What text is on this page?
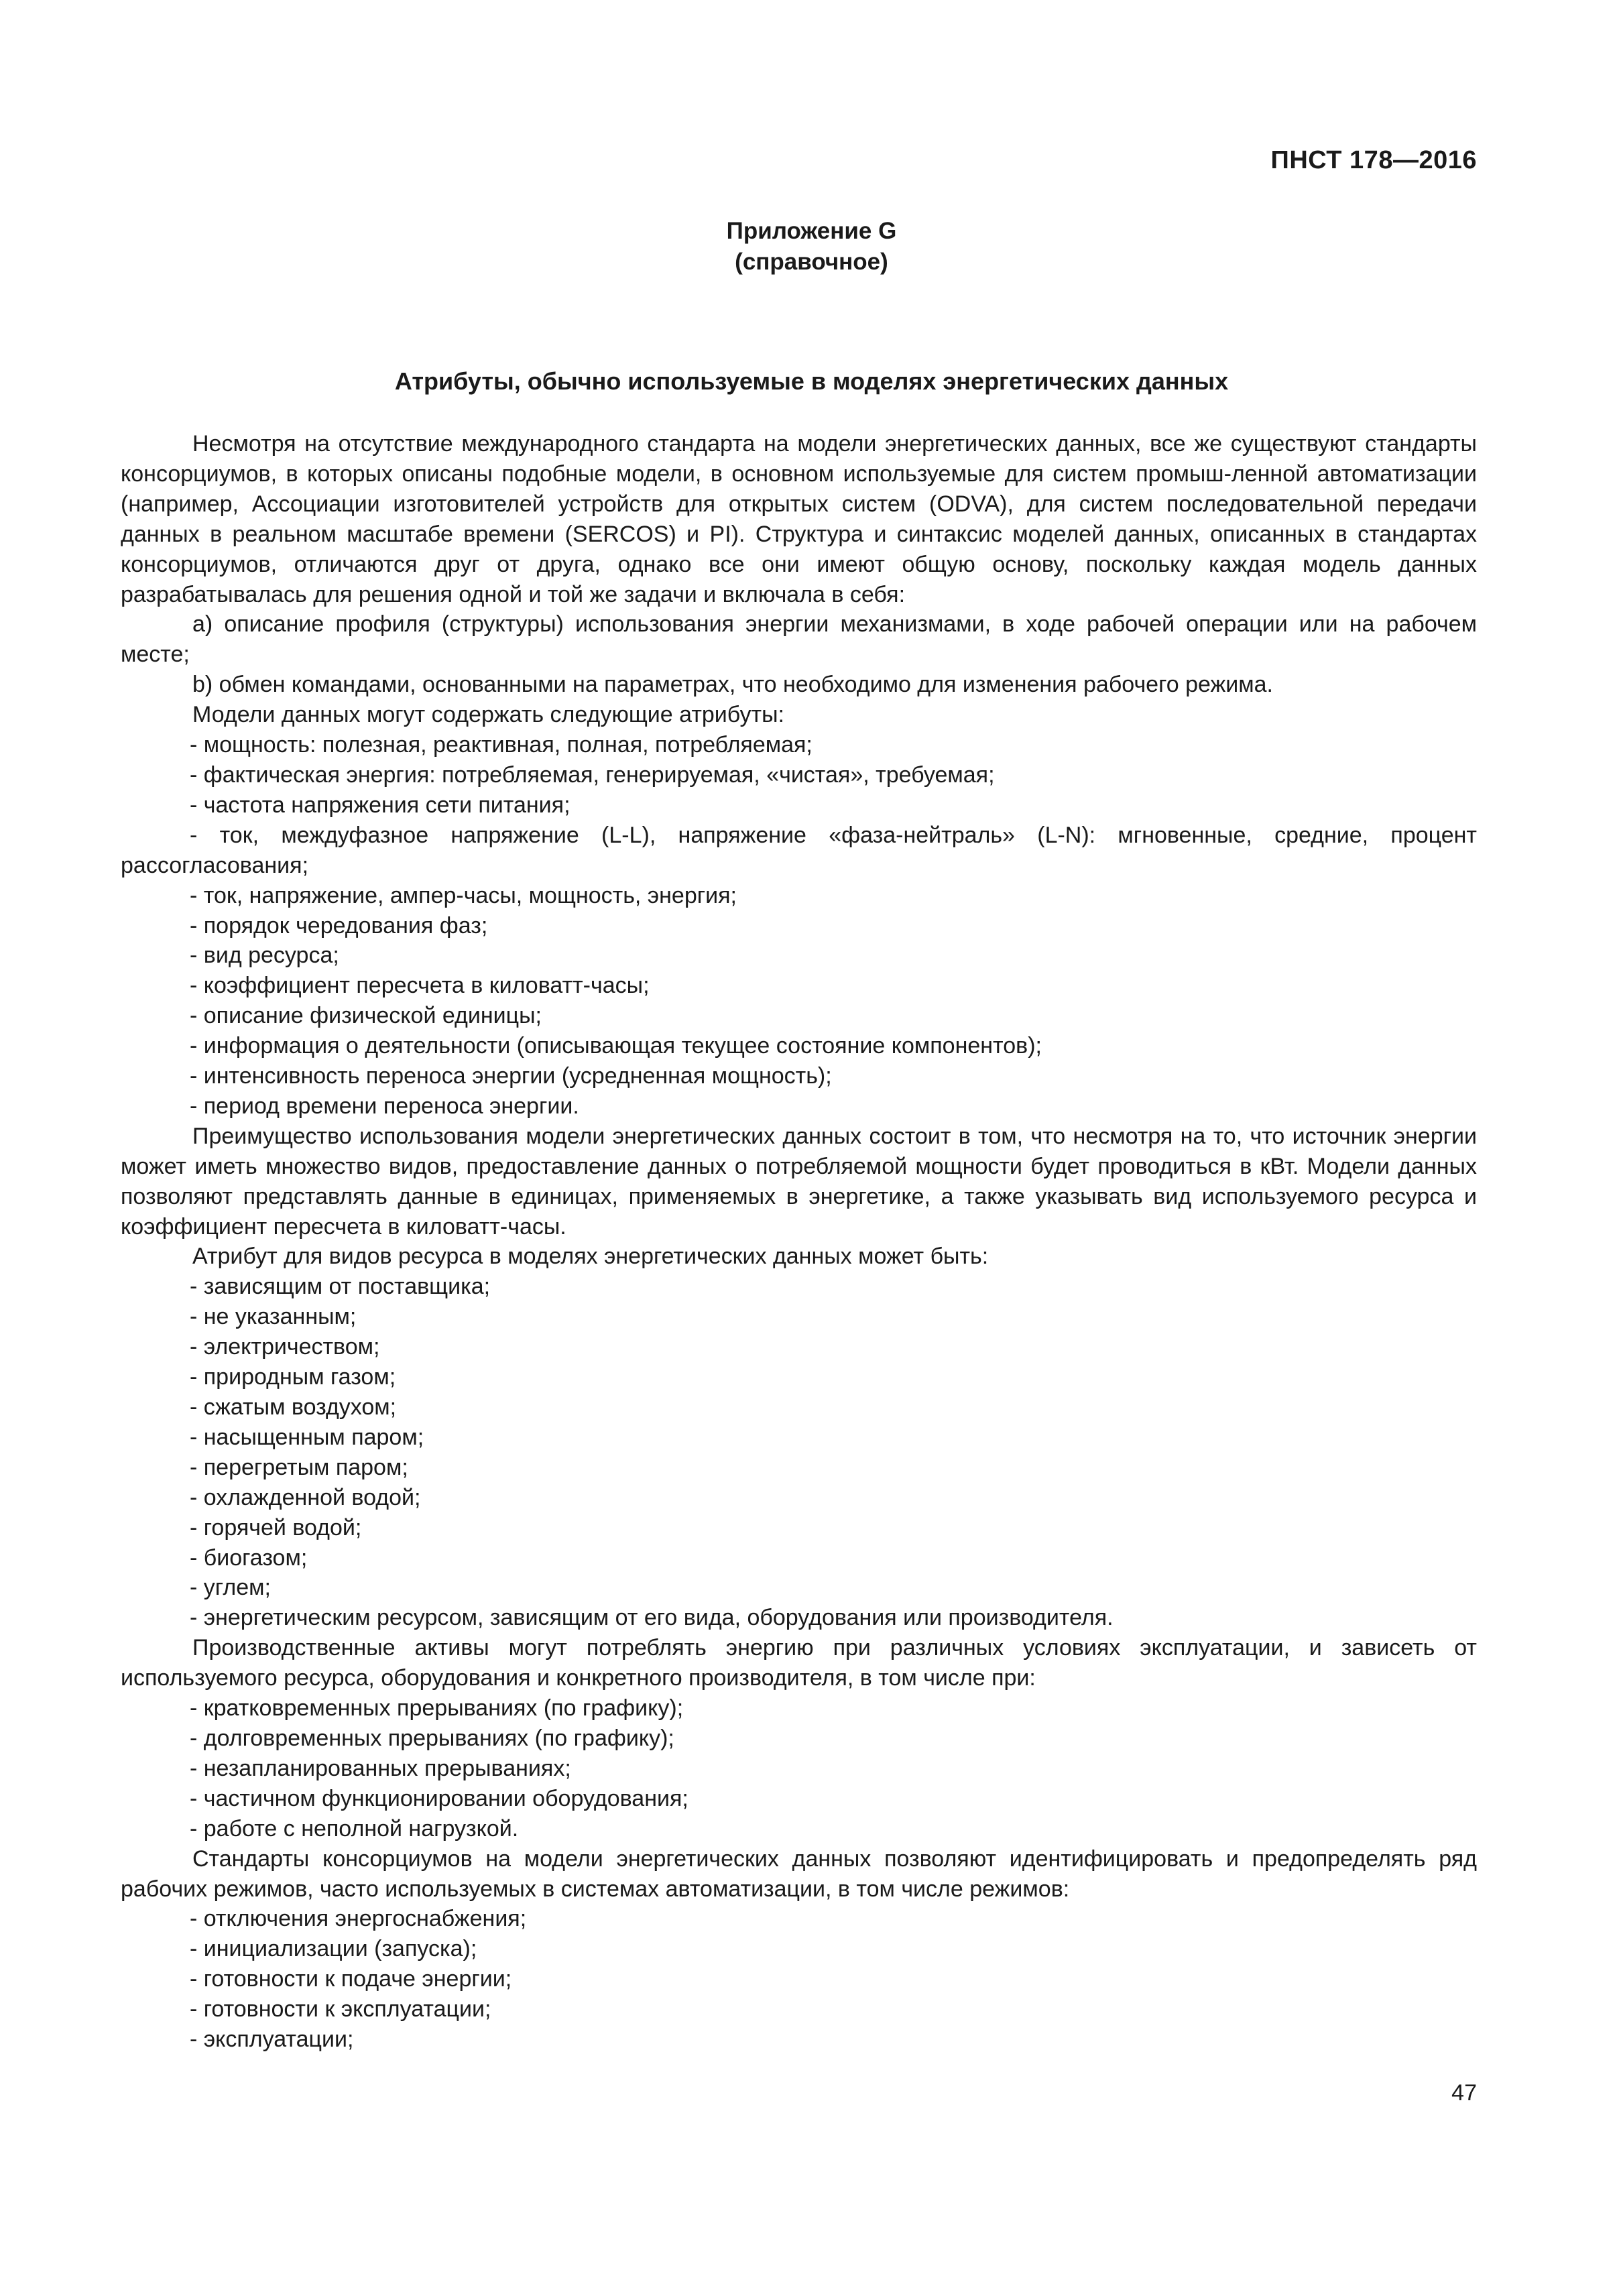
ПНСТ 178—2016
Приложение G
(справочное)
Атрибуты, обычно используемые в моделях энергетических данных

Несмотря на отсутствие международного стандарта на модели энергетических данных, все же существуют стандарты консорциумов, в которых описаны подобные модели, в основном используемые для систем промыш-ленной автоматизации (например, Ассоциации изготовителей устройств для открытых систем (ODVA), для систем последовательной передачи данных в реальном масштабе времени (SERCOS) и PI). Структура и синтаксис моделей данных, описанных в стандартах консорциумов, отличаются друг от друга, однако все они имеют общую основу, поскольку каждая модель данных разрабатывалась для решения одной и той же задачи и включала в себя:

a) описание профиля (структуры) использования энергии механизмами, в ходе рабочей операции или на рабочем месте;

b) обмен командами, основанными на параметрах, что необходимо для изменения рабочего режима.

Модели данных могут содержать следующие атрибуты:

- мощность: полезная, реактивная, полная, потребляемая;

- фактическая энергия: потребляемая, генерируемая, «чистая», требуемая;

- частота напряжения сети питания;

- ток, междуфазное напряжение (L-L), напряжение «фаза-нейтраль» (L-N): мгновенные, средние, процент рассогласования;

- ток, напряжение, ампер-часы, мощность, энергия;

- порядок чередования фаз;

- вид ресурса;

- коэффициент пересчета в киловатт-часы;

- описание физической единицы;

- информация о деятельности (описывающая текущее состояние компонентов);

- интенсивность переноса энергии (усредненная мощность);

- период времени переноса энергии.

Преимущество использования модели энергетических данных состоит в том, что несмотря на то, что источник энергии может иметь множество видов, предоставление данных о потребляемой мощности будет проводиться в кВт. Модели данных позволяют представлять данные в единицах, применяемых в энергетике, а также указывать вид используемого ресурса и коэффициент пересчета в киловатт-часы.

Атрибут для видов ресурса в моделях энергетических данных может быть:

- зависящим от поставщика;

- не указанным;

- электричеством;

- природным газом;

- сжатым воздухом;

- насыщенным паром;

- перегретым паром;

- охлажденной водой;

- горячей водой;

- биогазом;

- углем;

- энергетическим ресурсом, зависящим от его вида, оборудования или производителя.

Производственные активы могут потреблять энергию при различных условиях эксплуатации, и зависеть от используемого ресурса, оборудования и конкретного производителя, в том числе при:

- кратковременных прерываниях (по графику);

- долговременных прерываниях (по графику);

- незапланированных прерываниях;

- частичном функционировании оборудования;

- работе с неполной нагрузкой.

Стандарты консорциумов на модели энергетических данных позволяют идентифицировать и предопределять ряд рабочих режимов, часто используемых в системах автоматизации, в том числе режимов:

- отключения энергоснабжения;

- инициализации (запуска);

- готовности к подаче энергии;

- готовности к эксплуатации;

- эксплуатации;

47
